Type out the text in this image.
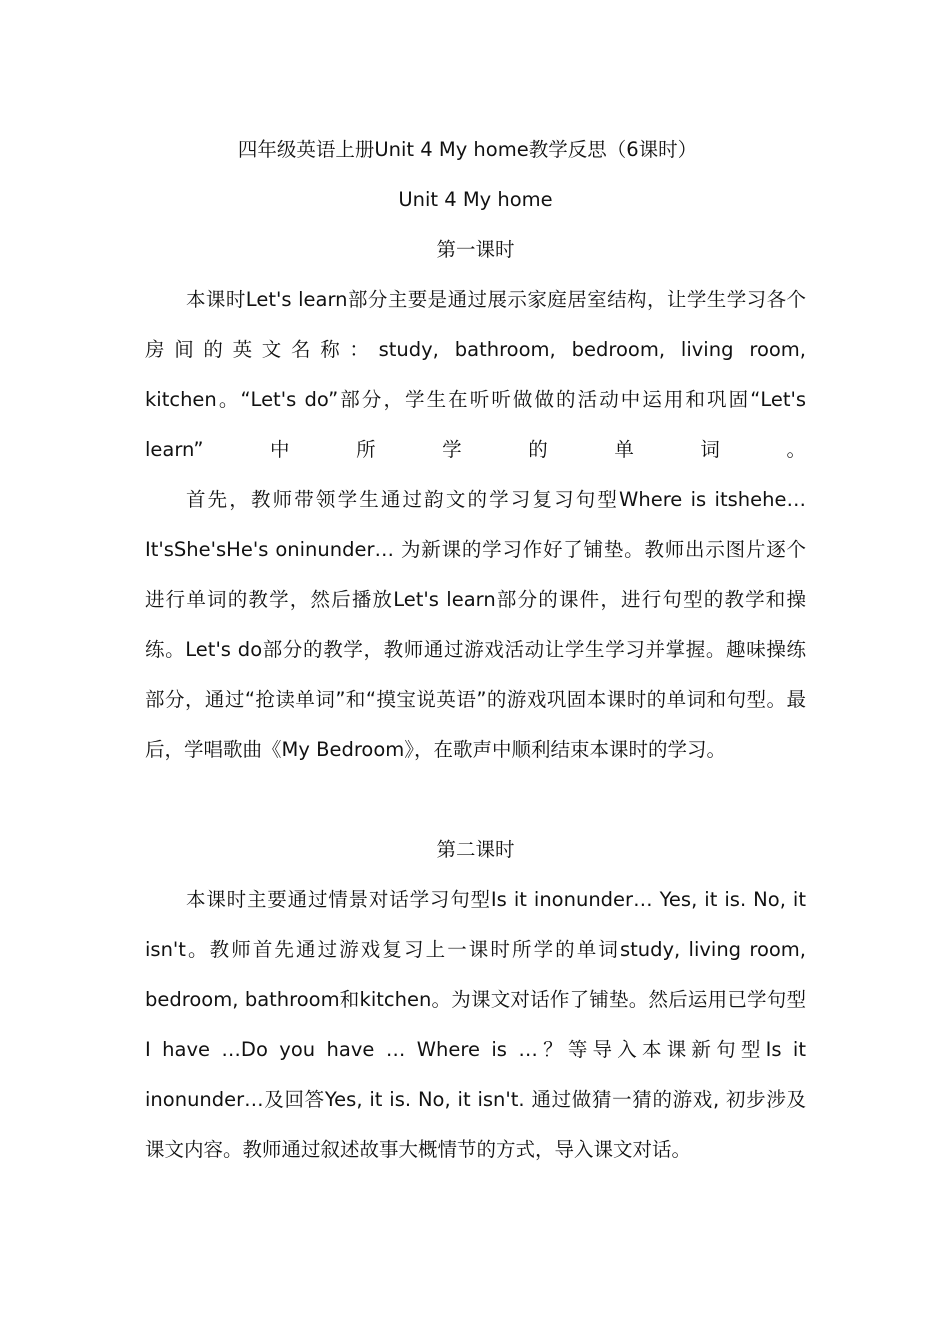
四年级英语上册Unit 4 My home教学反思（6课时）
Unit 4 My home
第一课时

本课时Let's learn部分主要是通过展示家庭居室结构，让学生学习各个房间的英文名称：study, bathroom, bedroom, living room, kitchen。“Let's do”部分，学生在听听做做的活动中运用和巩固“Let's learn”中所学的单词。

首先，教师带领学生通过韵文的学习复习句型Where is itshehe… It'sShe'sHe's oninunder… 为新课的学习作好了铺垫。教师出示图片逐个进行单词的教学，然后播放Let's learn部分的课件，进行句型的教学和操练。Let's do部分的教学，教师通过游戏活动让学生学习并掌握。趣味操练部分，通过“抢读单词”和“摸宝说英语”的游戏巩固本课时的单词和句型。最后，学唱歌曲《My Bedroom》，在歌声中顺利结束本课时的学习。

第二课时

本课时主要通过情景对话学习句型Is it inonunder… Yes, it is. No, it isn't。教师首先通过游戏复习上一课时所学的单词study, living room, bedroom, bathroom和kitchen。为课文对话作了铺垫。然后运用已学句型I have …Do you have … Where is …？等导入本课新句型Is it inonunder…及回答Yes, it is. No, it isn't. 通过做猜一猜的游戏, 初步涉及课文内容。教师通过叙述故事大概情节的方式，导入课文对话。
